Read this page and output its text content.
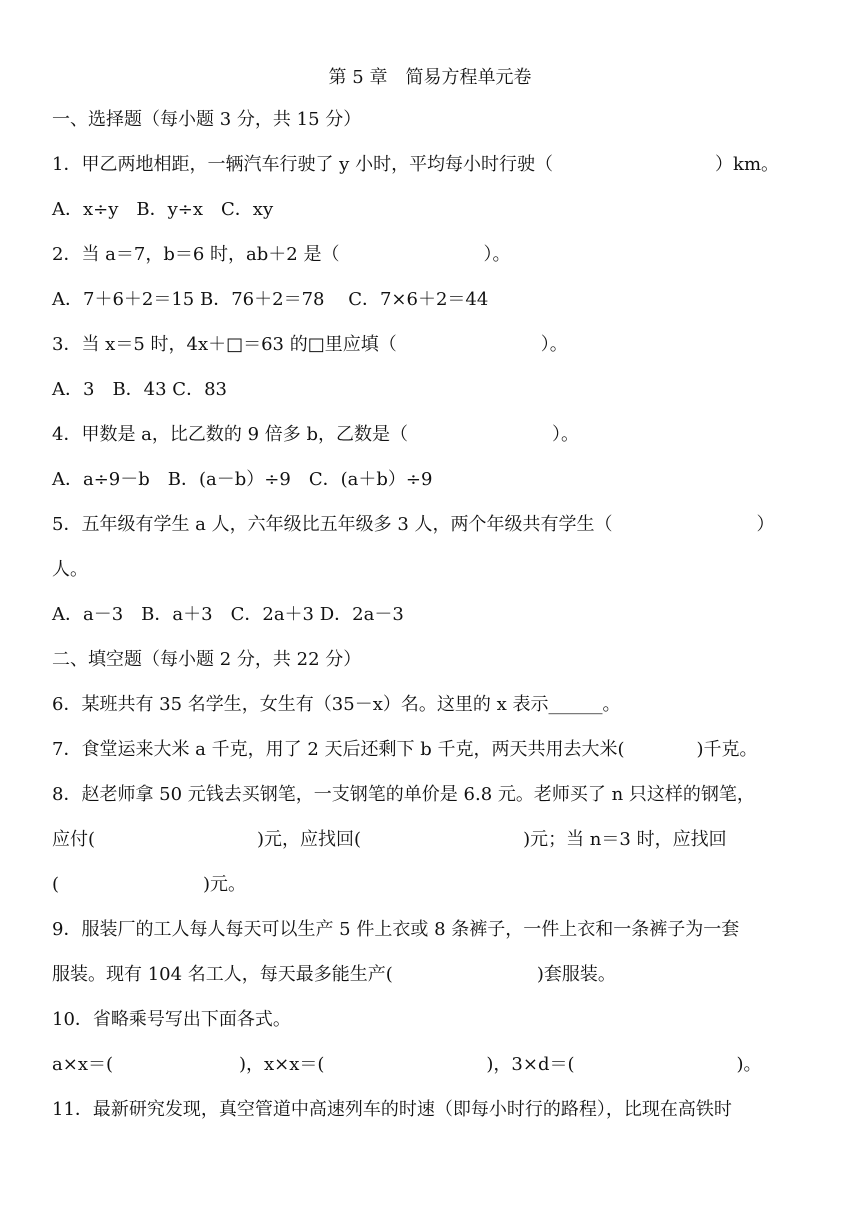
第 5 章　简易方程单元卷
一、选择题（每小题 3 分，共 15 分）
1．甲乙两地相距，一辆汽车行驶了 y 小时，平均每小时行驶（　　　　　　　　　）km。
A．x÷y　B．y÷x　C．xy
2．当 a＝7，b＝6 时，ab＋2 是（　　　　　　　　）。
A．7＋6＋2＝15 B．76＋2＝78　 C．7×6＋2＝44
3．当 x＝5 时，4x＋□＝63 的□里应填（　　　　　　　　）。
A．3　B．43 C．83
4．甲数是 a，比乙数的 9 倍多 b，乙数是（　　　　　　　　）。
A．a÷9－b　B．(a－b）÷9　C．(a＋b）÷9
5．五年级有学生 a 人，六年级比五年级多 3 人，两个年级共有学生（　　　　　　　　）
人。
A．a－3　B．a＋3　C．2a＋3 D．2a－3
二、填空题（每小题 2 分，共 22 分）
6．某班共有 35 名学生，女生有（35－x）名。这里的 x 表示______。
7．食堂运来大米 a 千克，用了 2 天后还剩下 b 千克，两天共用去大米(　　　　)千克。
8．赵老师拿 50 元钱去买钢笔，一支钢笔的单价是 6.8 元。老师买了 n 只这样的钢笔，
应付(　　　　　　　　　)元，应找回(　　　　　　　　　)元；当 n＝3 时，应找回
(　　　　　　　　)元。
9．服装厂的工人每人每天可以生产 5 件上衣或 8 条裤子，一件上衣和一条裤子为一套
服装。现有 104 名工人，每天最多能生产(　　　　　　　　)套服装。
10．省略乘号写出下面各式。
a×x＝(　　　　　　　)，x×x＝(　　　　　　　　　)，3×d＝(　　　　　　　　　)。
11．最新研究发现，真空管道中高速列车的时速（即每小时行的路程），比现在高铁时
